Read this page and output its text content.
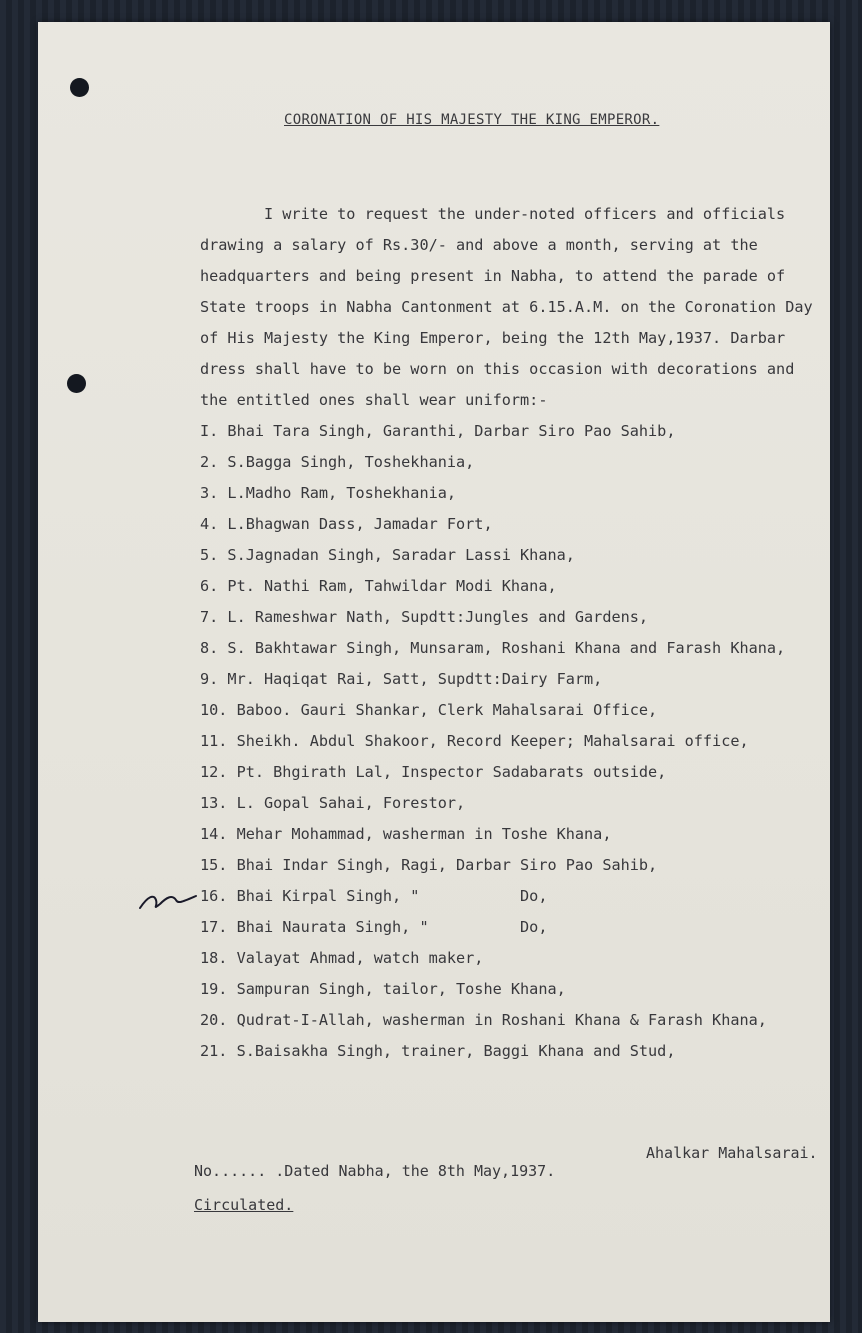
CORONATION OF HIS MAJESTY THE KING EMPEROR.
I write to request the under-noted officers and officials
drawing a salary of Rs.30/- and above a month, serving at the
headquarters and being present in Nabha, to attend the parade of
State troops in Nabha Cantonment at 6.15.A.M. on the Coronation Day
of His Majesty the King Emperor, being the 12th May,1937. Darbar
dress shall have to be worn on this occasion with decorations and
the entitled ones shall wear uniform:-
I. Bhai Tara Singh, Garanthi, Darbar Siro Pao Sahib,
2. S.Bagga Singh, Toshekhania,
3. L.Madho Ram, Toshekhania,
4. L.Bhagwan Dass, Jamadar Fort,
5. S.Jagnadan Singh, Saradar Lassi Khana,
6. Pt. Nathi Ram, Tahwildar Modi Khana,
7. L. Rameshwar Nath, Supdtt:Jungles and Gardens,
8. S. Bakhtawar Singh, Munsaram, Roshani Khana and Farash Khana,
9. Mr. Haqiqat Rai, Satt, Supdtt:Dairy Farm,
10. Baboo. Gauri Shankar, Clerk Mahalsarai Office,
11. Sheikh. Abdul Shakoor, Record Keeper; Mahalsarai office,
12. Pt. Bhgirath Lal, Inspector Sadabarats outside,
13. L. Gopal Sahai, Forestor,
14. Mehar Mohammad, washerman in Toshe Khana,
15. Bhai Indar Singh, Ragi, Darbar Siro Pao Sahib,
16. Bhai Kirpal Singh, "           Do,
17. Bhai Naurata Singh, "          Do,
18. Valayat Ahmad, watch maker,
19. Sampuran Singh, tailor, Toshe Khana,
20. Qudrat-I-Allah, washerman in Roshani Khana & Farash Khana,
21. S.Baisakha Singh, trainer, Baggi Khana and Stud,
Ahalkar Mahalsarai.
No...... .Dated Nabha, the 8th May,1937.
Circulated.
